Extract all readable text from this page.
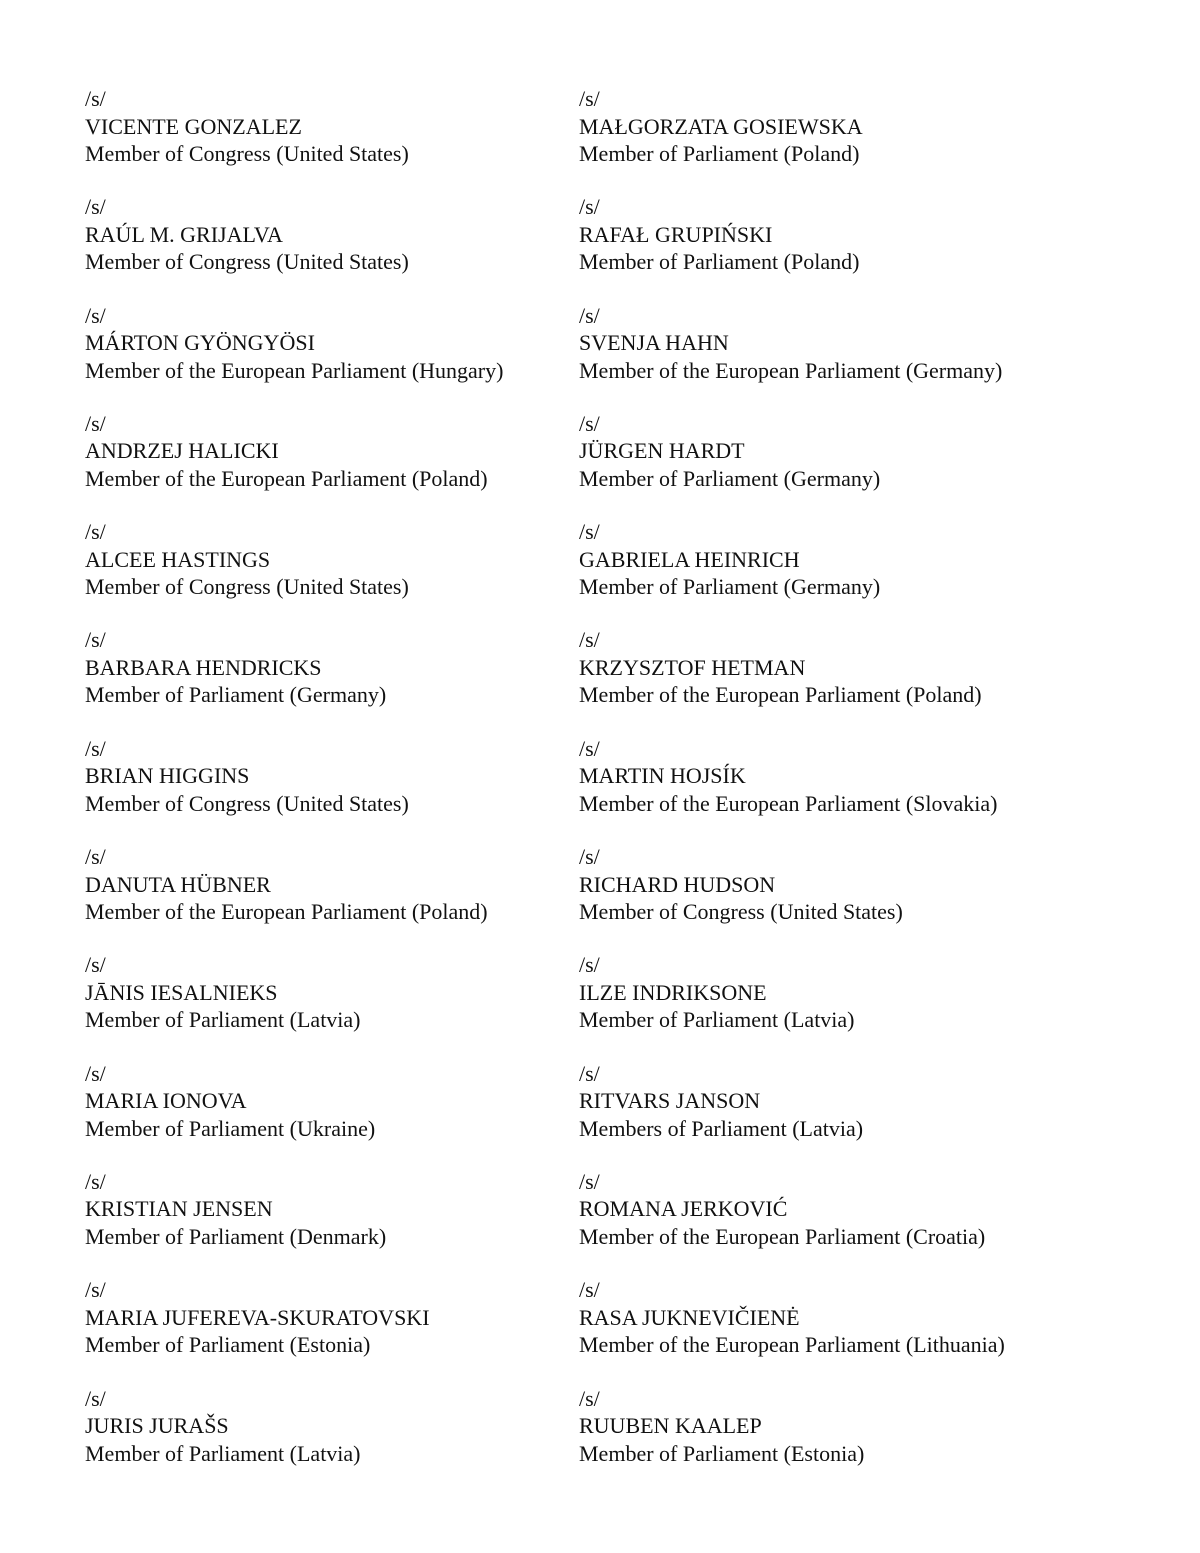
/s/
VICENTE GONZALEZ
Member of Congress (United States)
/s/
RAÚL M. GRIJALVA
Member of Congress (United States)
/s/
MÁRTON GYÖNGYÖSI
Member of the European Parliament (Hungary)
/s/
ANDRZEJ HALICKI
Member of the European Parliament (Poland)
/s/
ALCEE HASTINGS
Member of Congress (United States)
/s/
BARBARA HENDRICKS
Member of Parliament (Germany)
/s/
BRIAN HIGGINS
Member of Congress (United States)
/s/
DANUTA HÜBNER
Member of the European Parliament (Poland)
/s/
JĀNIS IESALNIEKS
Member of Parliament (Latvia)
/s/
MARIA IONOVA
Member of Parliament (Ukraine)
/s/
KRISTIAN JENSEN
Member of Parliament (Denmark)
/s/
MARIA JUFEREVA-SKURATOVSKI
Member of Parliament (Estonia)
/s/
JURIS JURAŠS
Member of Parliament (Latvia)
/s/
MAŁGORZATA GOSIEWSKA
Member of Parliament (Poland)
/s/
RAFAŁ GRUPIŃSKI
Member of Parliament (Poland)
/s/
SVENJA HAHN
Member of the European Parliament (Germany)
/s/
JÜRGEN HARDT
Member of Parliament (Germany)
/s/
GABRIELA HEINRICH
Member of Parliament (Germany)
/s/
KRZYSZTOF HETMAN
Member of the European Parliament (Poland)
/s/
MARTIN HOJSÍK
Member of the European Parliament (Slovakia)
/s/
RICHARD HUDSON
Member of Congress (United States)
/s/
ILZE INDRIKSONE
Member of Parliament (Latvia)
/s/
RITVARS JANSON
Members of Parliament (Latvia)
/s/
ROMANA JERKOVIĆ
Member of the European Parliament (Croatia)
/s/
RASA JUKNEVIČIENĖ
Member of the European Parliament (Lithuania)
/s/
RUUBEN KAALEP
Member of Parliament (Estonia)
